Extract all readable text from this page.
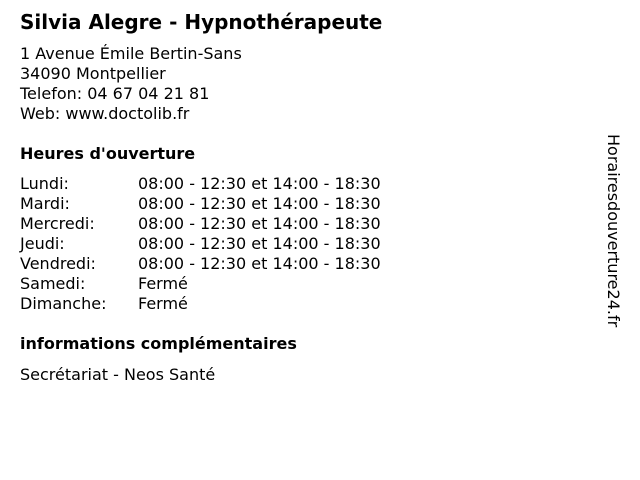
Silvia Alegre - Hypnothérapeute
1 Avenue Émile Bertin-Sans
34090 Montpellier
Telefon: 04 67 04 21 81
Web: www.doctolib.fr
Heures d'ouverture
Lundi:	08:00 - 12:30 et 14:00 - 18:30
Mardi:	08:00 - 12:30 et 14:00 - 18:30
Mercredi:	08:00 - 12:30 et 14:00 - 18:30
Jeudi:	08:00 - 12:30 et 14:00 - 18:30
Vendredi:	08:00 - 12:30 et 14:00 - 18:30
Samedi:	Fermé
Dimanche: Fermé
informations complémentaires
Secrétariat - Neos Santé
Horairesdouverture24.fr
